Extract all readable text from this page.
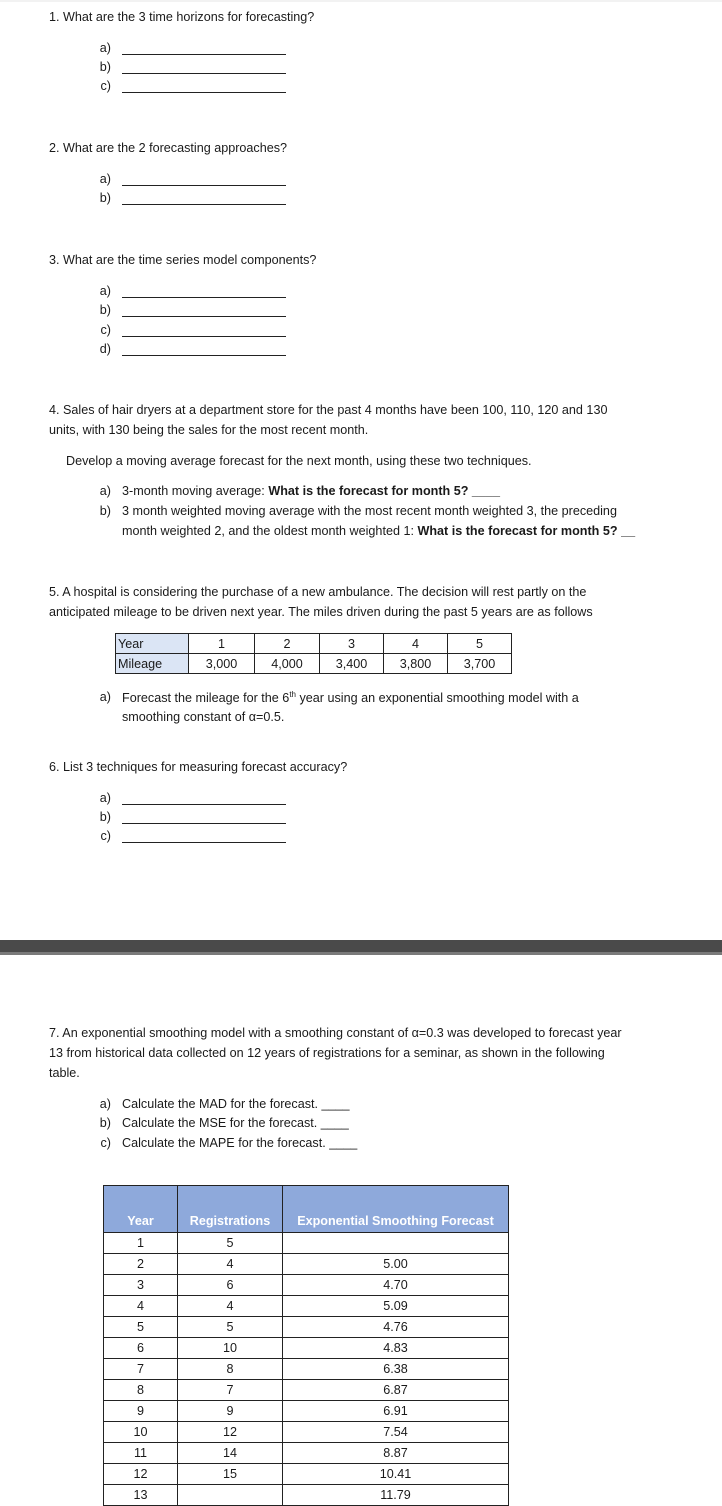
1. What are the 3 time horizons for forecasting?
a)
b)
c)
2. What are the 2 forecasting approaches?
a)
b)
3. What are the time series model components?
a)
b)
c)
d)
4. Sales of hair dryers at a department store for the past 4 months have been 100, 110, 120 and 130
units, with 130 being the sales for the most recent month.
Develop a moving average forecast for the next month, using these two techniques.
a) 3-month moving average: What is the forecast for month 5? ____
b) 3 month weighted moving average with the most recent month weighted 3, the preceding
month weighted 2, and the oldest month weighted 1: What is the forecast for month 5? __
5. A hospital is considering the purchase of a new ambulance. The decision will rest partly on the
anticipated mileage to be driven next year. The miles driven during the past 5 years are as follows
Year	1	2	3	4	5
Mileage	3,000	4,000	3,400	3,800	3,700
a) Forecast the mileage for the 6th year using an exponential smoothing model with a
smoothing constant of α=0.5.
6. List 3 techniques for measuring forecast accuracy?
a)
b)
c)
7. An exponential smoothing model with a smoothing constant of α=0.3 was developed to forecast year
13 from historical data collected on 12 years of registrations for a seminar, as shown in the following
table.
a) Calculate the MAD for the forecast. ____
b) Calculate the MSE for the forecast. ____
c) Calculate the MAPE for the forecast. ____
Year	Registrations	Exponential Smoothing Forecast
1	5	
2	4	5.00
3	6	4.70
4	4	5.09
5	5	4.76
6	10	4.83
7	8	6.38
8	7	6.87
9	9	6.91
10	12	7.54
11	14	8.87
12	15	10.41
13		11.79
